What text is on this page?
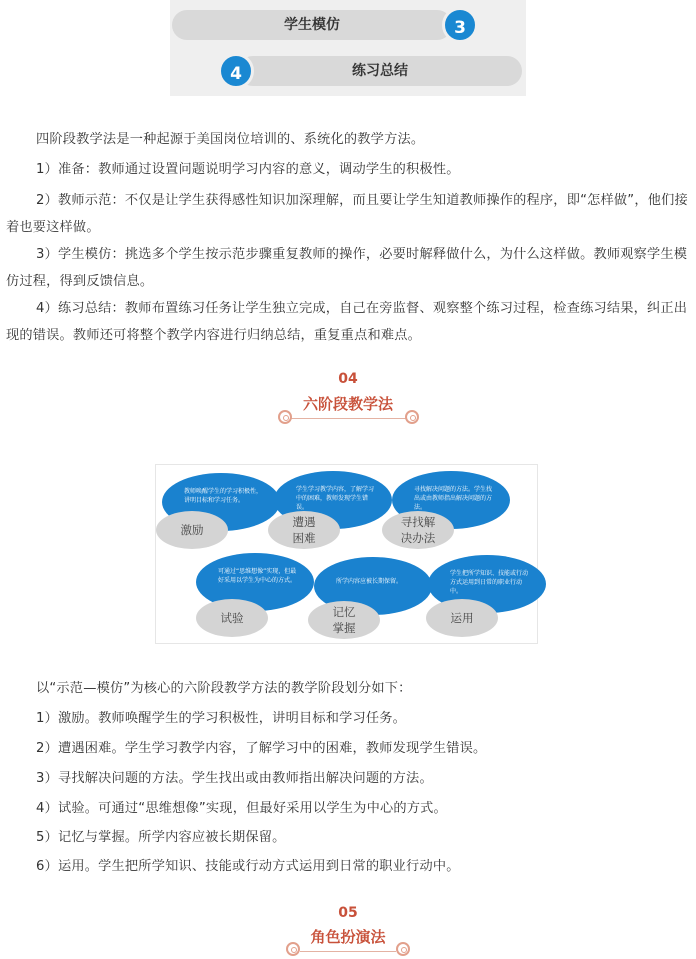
学生模仿	3
练习总结
4

四阶段教学法是一种起源于美国岗位培训的、系统化的教学方法。

1）准备：教师通过设置问题说明学习内容的意义，调动学生的积极性。

2）教师示范：不仅是让学生获得感性知识加深理解，而且要让学生知道教师操作的程序，即“怎样做”，他们接着也要这样做。

3）学生模仿：挑选多个学生按示范步骤重复教师的操作，必要时解释做什么，为什么这样做。教师观察学生模仿过程，得到反馈信息。

4）练习总结：教师布置练习任务让学生独立完成，自己在旁监督、观察整个练习过程，检查练习结果，纠正出现的错误。教师还可将整个教学内容进行归纳总结，重复重点和难点。

04
六阶段教学法
教师唤醒学生的学习积极性，讲明目标和学习任务。
学生学习教学内容，了解学习中的困难，教师发现学生错误。
寻找解决问题的方法。学生找出或由教师指出解决问题的方法。
可通过“思维想像”实现，但最好采用以学生为中心的方式。	所学内容应被长期保留。
学生把所学知识、技能或行动方式运用到日常的职业行动中。
激励
遭遇
困难
寻找解
决办法
试验	记忆
掌握
运用

以“示范—模仿”为核心的六阶段教学方法的教学阶段划分如下：

1）激励。教师唤醒学生的学习积极性，讲明目标和学习任务。

2）遭遇困难。学生学习教学内容，了解学习中的困难，教师发现学生错误。

3）寻找解决问题的方法。学生找出或由教师指出解决问题的方法。

4）试验。可通过“思维想像”实现，但最好采用以学生为中心的方式。

5）记忆与掌握。所学内容应被长期保留。

6）运用。学生把所学知识、技能或行动方式运用到日常的职业行动中。

05
角色扮演法
